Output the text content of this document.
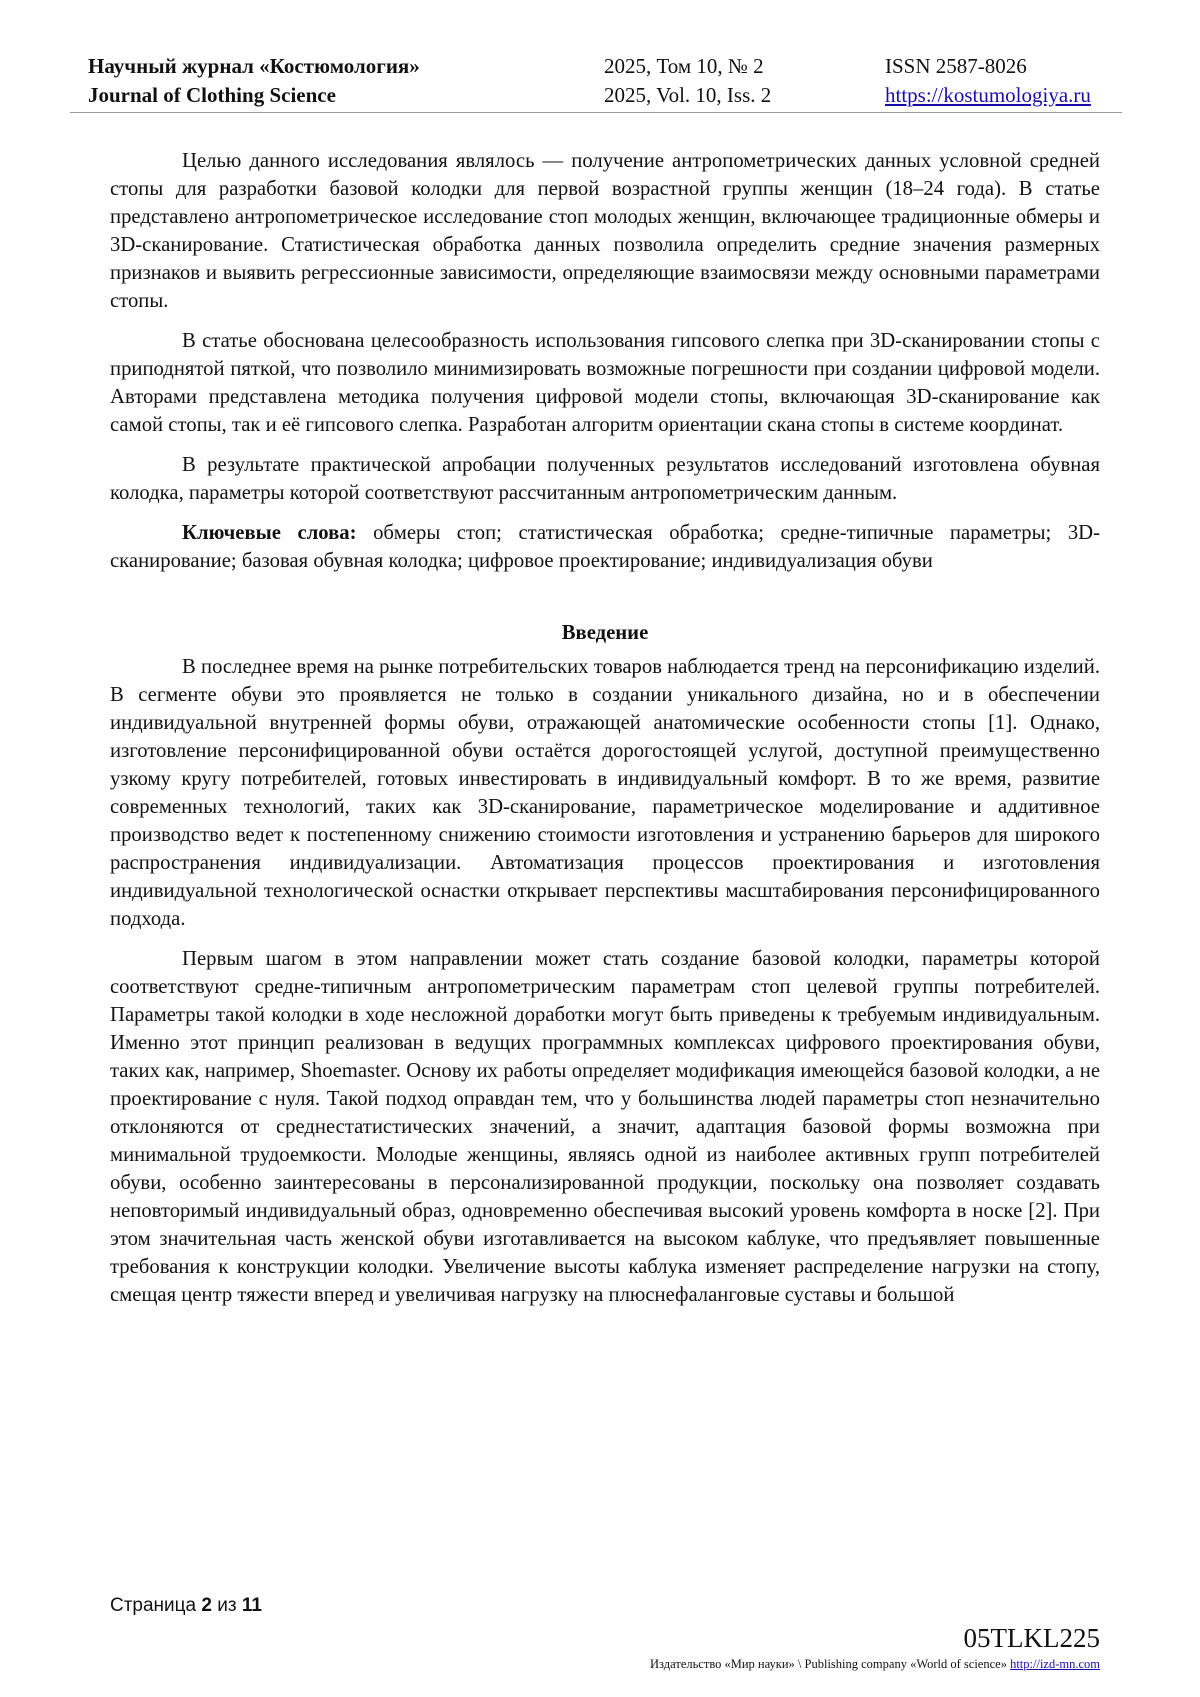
Научный журнал «Костюмология»
Journal of Clothing Science
2025, Том 10, № 2
2025, Vol. 10, Iss. 2
ISSN 2587-8026
https://kostumologiya.ru

Целью данного исследования являлось — получение антропометрических данных условной средней стопы для разработки базовой колодки для первой возрастной группы женщин (18–24 года). В статье представлено антропометрическое исследование стоп молодых женщин, включающее традиционные обмеры и 3D-сканирование. Статистическая обработка данных позволила определить средние значения размерных признаков и выявить регрессионные зависимости, определяющие взаимосвязи между основными параметрами стопы.

В статье обоснована целесообразность использования гипсового слепка при 3D-сканировании стопы с приподнятой пяткой, что позволило минимизировать возможные погрешности при создании цифровой модели. Авторами представлена методика получения цифровой модели стопы, включающая 3D-сканирование как самой стопы, так и её гипсового слепка. Разработан алгоритм ориентации скана стопы в системе координат.

В результате практической апробации полученных результатов исследований изготовлена обувная колодка, параметры которой соответствуют рассчитанным антропометрическим данным.

Ключевые слова: обмеры стоп; статистическая обработка; средне-типичные параметры; 3D-сканирование; базовая обувная колодка; цифровое проектирование; индивидуализация обуви

Введение

В последнее время на рынке потребительских товаров наблюдается тренд на персонификацию изделий. В сегменте обуви это проявляется не только в создании уникального дизайна, но и в обеспечении индивидуальной внутренней формы обуви, отражающей анатомические особенности стопы [1]. Однако, изготовление персонифицированной обуви остаётся дорогостоящей услугой, доступной преимущественно узкому кругу потребителей, готовых инвестировать в индивидуальный комфорт. В то же время, развитие современных технологий, таких как 3D-сканирование, параметрическое моделирование и аддитивное производство ведет к постепенному снижению стоимости изготовления и устранению барьеров для широкого распространения индивидуализации. Автоматизация процессов проектирования и изготовления индивидуальной технологической оснастки открывает перспективы масштабирования персонифицированного подхода.

Первым шагом в этом направлении может стать создание базовой колодки, параметры которой соответствуют средне-типичным антропометрическим параметрам стоп целевой группы потребителей. Параметры такой колодки в ходе несложной доработки могут быть приведены к требуемым индивидуальным. Именно этот принцип реализован в ведущих программных комплексах цифрового проектирования обуви, таких как, например, Shoemaster. Основу их работы определяет модификация имеющейся базовой колодки, а не проектирование с нуля. Такой подход оправдан тем, что у большинства людей параметры стоп незначительно отклоняются от среднестатистических значений, а значит, адаптация базовой формы возможна при минимальной трудоемкости. Молодые женщины, являясь одной из наиболее активных групп потребителей обуви, особенно заинтересованы в персонализированной продукции, поскольку она позволяет создавать неповторимый индивидуальный образ, одновременно обеспечивая высокий уровень комфорта в носке [2]. При этом значительная часть женской обуви изготавливается на высоком каблуке, что предъявляет повышенные требования к конструкции колодки. Увеличение высоты каблука изменяет распределение нагрузки на стопу, смещая центр тяжести вперед и увеличивая нагрузку на плюснефаланговые суставы и большой

Страница 2 из 11
05TLKL225
Издательство «Мир науки» \ Publishing company «World of science» http://izd-mn.com
